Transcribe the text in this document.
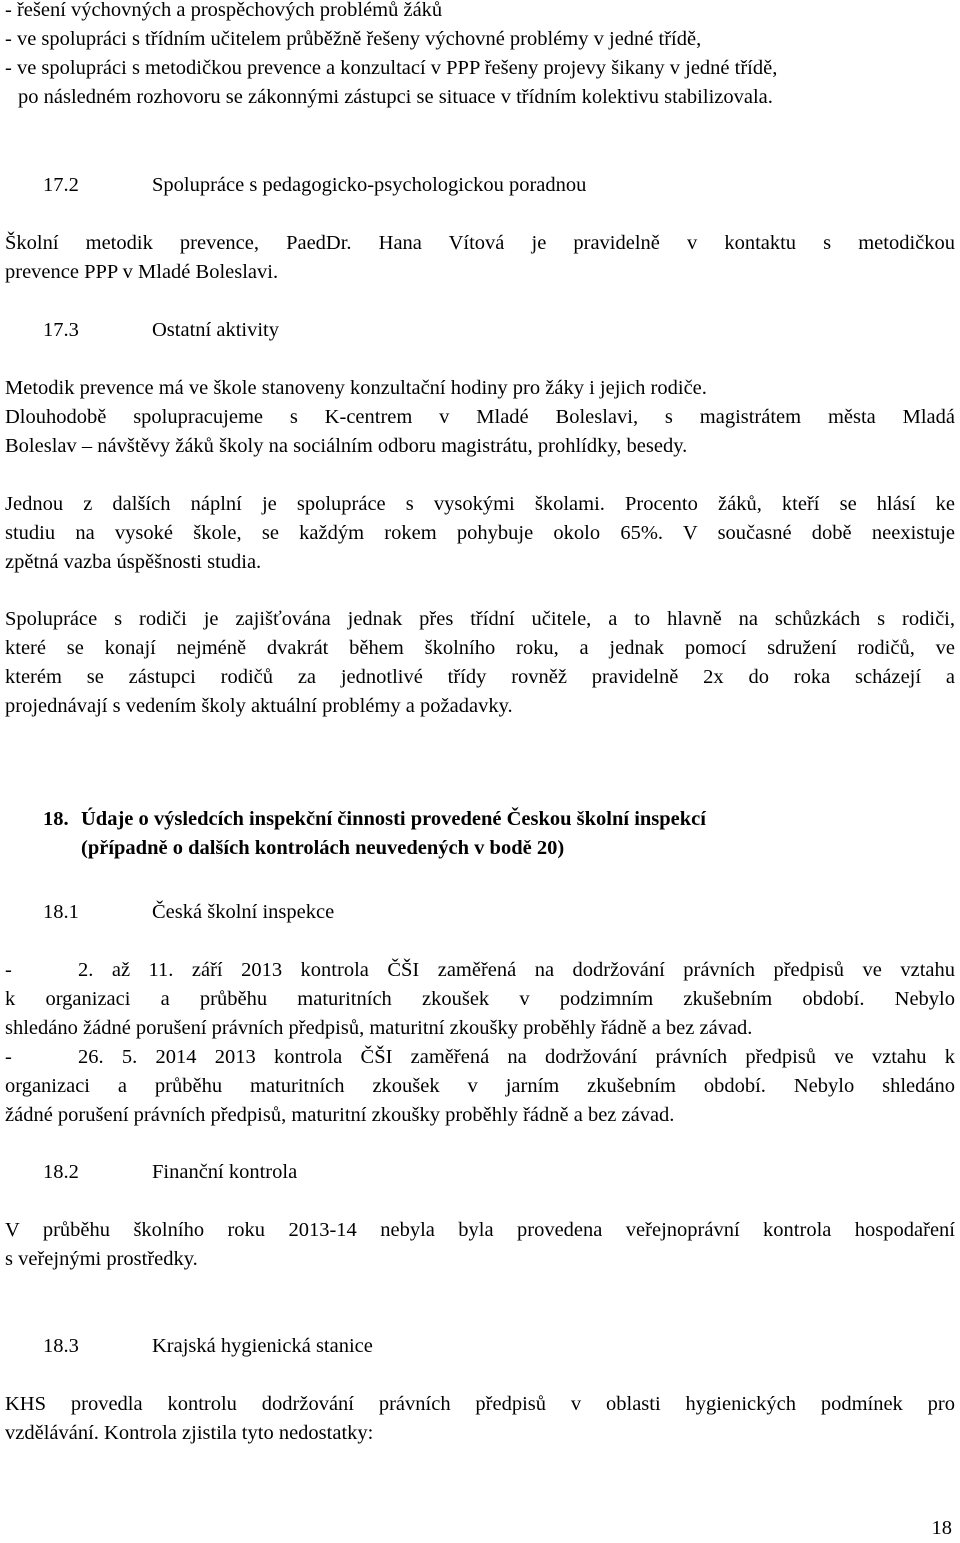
- řešení výchovných a prospěchových problémů žáků
- ve spolupráci s třídním učitelem průběžně řešeny výchovné problémy v jedné třídě,
- ve spolupráci s metodičkou prevence a konzultací v PPP řešeny projevy šikany v jedné třídě,
po následném rozhovoru se zákonnými zástupci se situace v třídním kolektivu stabilizovala.
17.2	Spolupráce s pedagogicko-psychologickou poradnou
Školní metodik prevence, PaedDr. Hana Vítová je pravidelně v kontaktu s metodičkou
prevence PPP v Mladé Boleslavi.
17.3	Ostatní aktivity
Metodik prevence má ve škole stanoveny konzultační hodiny pro žáky i jejich rodiče.
Dlouhodobě spolupracujeme s K-centrem v Mladé Boleslavi, s magistrátem města Mladá
Boleslav – návštěvy žáků školy na sociálním odboru magistrátu, prohlídky, besedy.
Jednou z dalších náplní je spolupráce s vysokými školami. Procento žáků, kteří se hlásí ke
studiu na vysoké škole, se každým rokem pohybuje okolo 65%. V současné době neexistuje
zpětná vazba úspěšnosti studia.
Spolupráce s rodiči je zajišťována jednak přes třídní učitele, a to hlavně na schůzkách s rodiči,
které se konají nejméně dvakrát během školního roku, a jednak pomocí sdružení rodičů, ve
kterém se zástupci rodičů za jednotlivé třídy rovněž pravidelně 2x do roka scházejí a
projednávají s vedením školy aktuální problémy a požadavky.
18. Údaje o výsledcích inspekční činnosti provedené Českou školní inspekcí
(případně o dalších kontrolách neuvedených v bodě 20)
18.1	Česká školní inspekce
-	2. až 11. září 2013 kontrola ČŠI zaměřená na dodržování právních předpisů ve vztahu
k organizaci a průběhu maturitních zkoušek v podzimním zkušebním období. Nebylo
shledáno žádné porušení právních předpisů, maturitní zkoušky proběhly řádně a bez závad.
-	26. 5. 2014 2013 kontrola ČŠI zaměřená na dodržování právních předpisů ve vztahu k
organizaci a průběhu maturitních zkoušek v jarním zkušebním období. Nebylo shledáno
žádné porušení právních předpisů, maturitní zkoušky proběhly řádně a bez závad.
18.2	Finanční kontrola
V průběhu školního roku 2013-14 nebyla byla provedena veřejnoprávní kontrola hospodaření
s veřejnými prostředky.
18.3	Krajská hygienická stanice
KHS provedla kontrolu dodržování právních předpisů v oblasti hygienických podmínek pro
vzdělávání. Kontrola zjistila tyto nedostatky:
18
